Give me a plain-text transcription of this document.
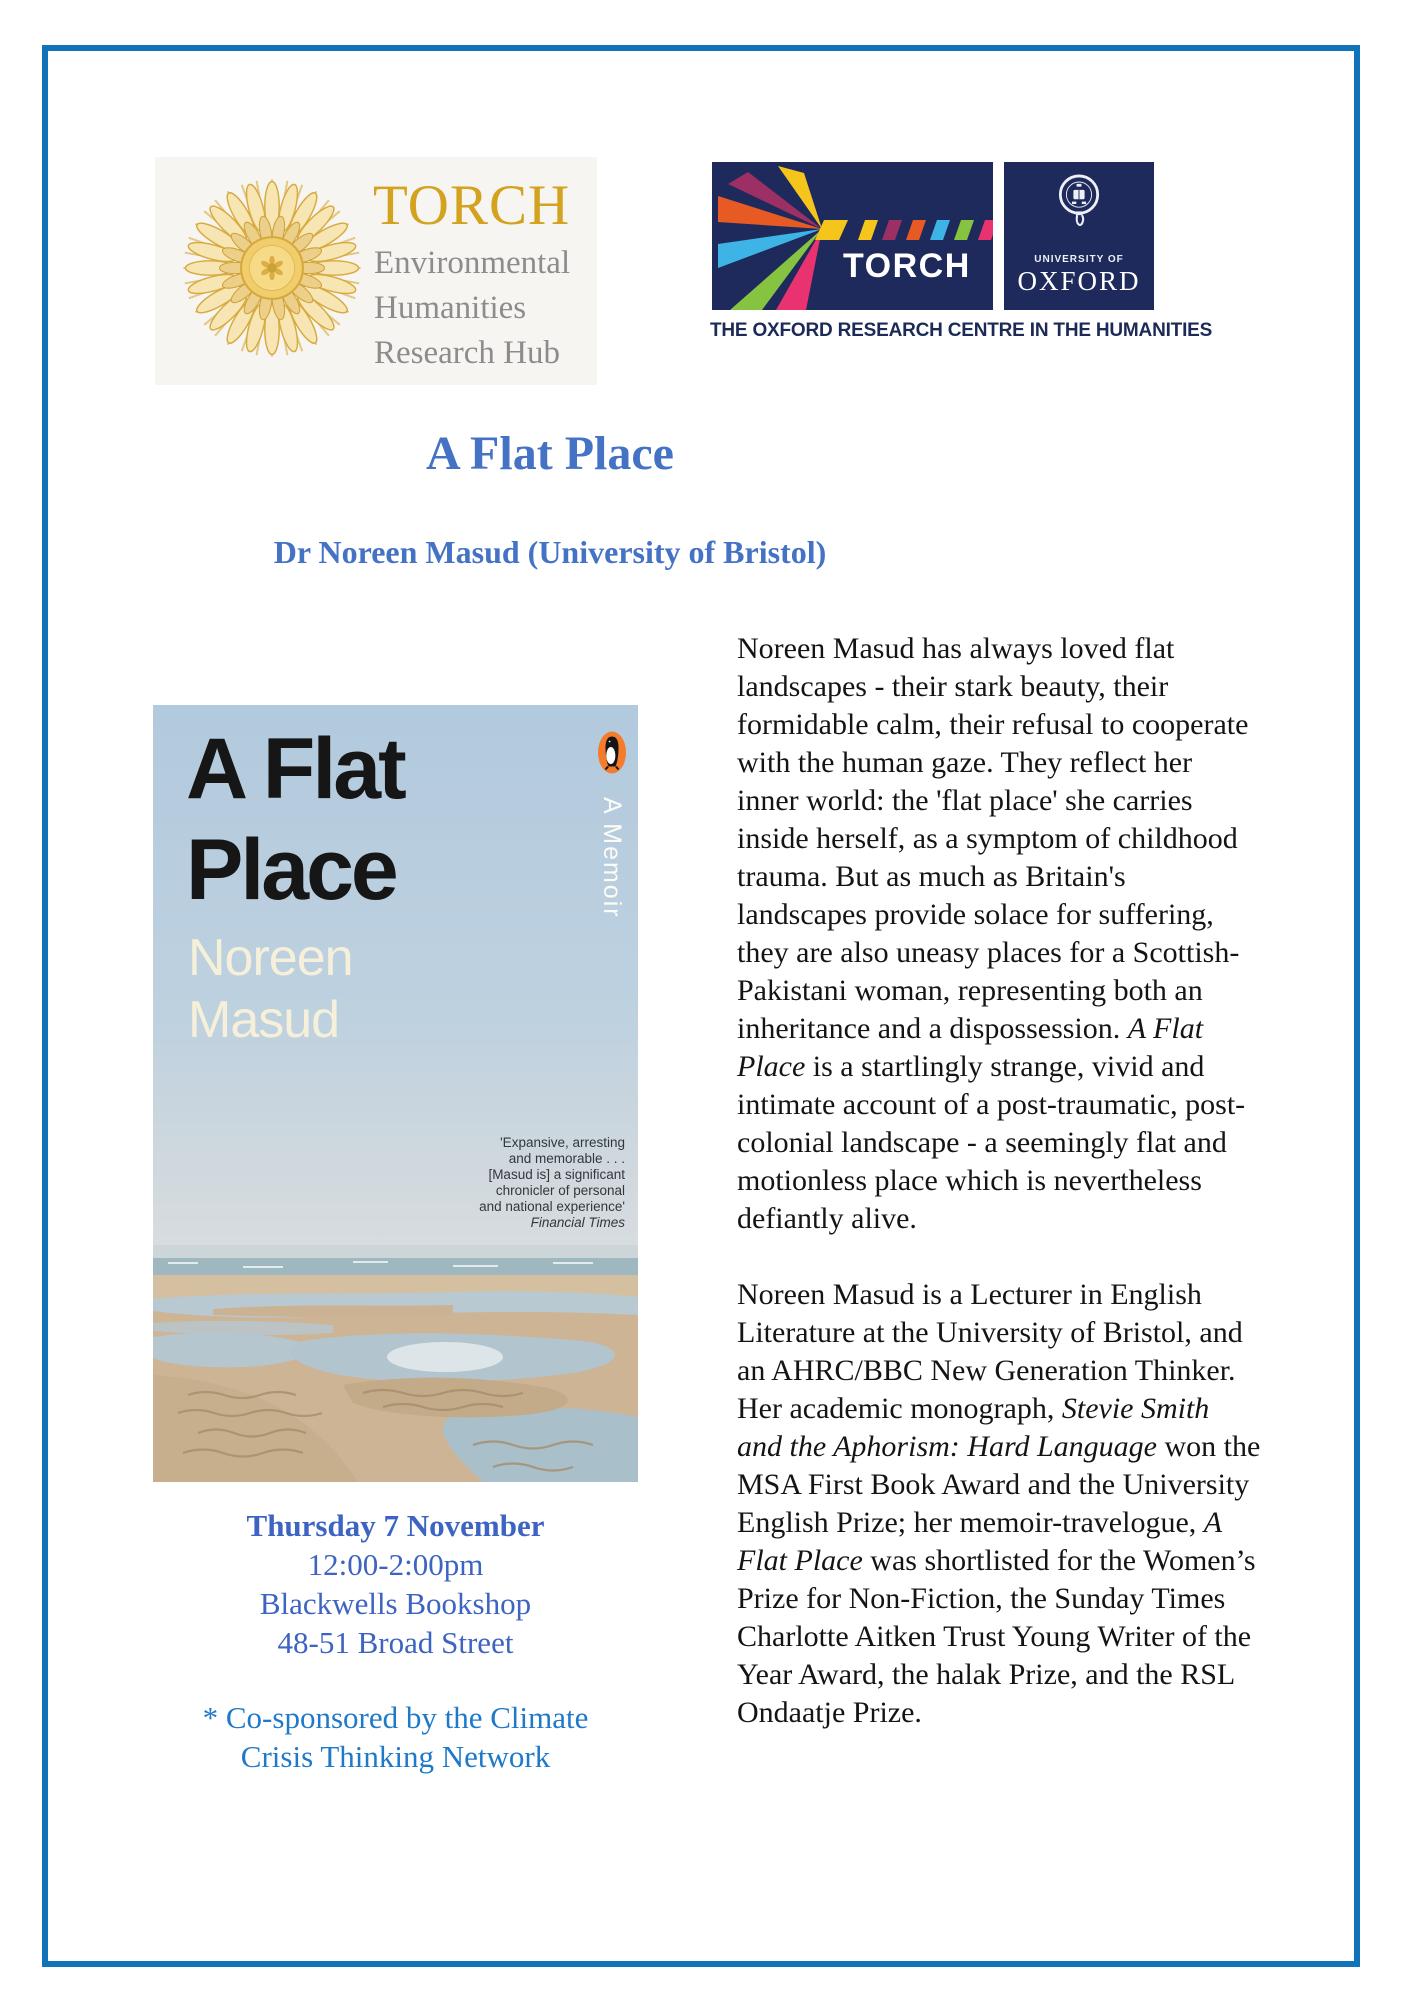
TORCH
Environmental
Humanities
Research Hub
TORCH	UNIVERSITY OF
OXFORD
THE OXFORD RESEARCH CENTRE IN THE HUMANITIES
A Flat Place
Dr Noreen Masud (University of Bristol)
A Flat
Place	A Memoir
Noreen
Masud
'Expansive, arresting
and memorable . . .
[Masud is] a significant
chronicler of personal
and national experience'
Financial Times
Thursday 7 November
12:00-2:00pm
Blackwells Bookshop
48-51 Broad Street
* Co-sponsored by the Climate
Crisis Thinking Network

Noreen Masud has always loved flat landscapes - their stark beauty, their formidable calm, their refusal to cooperate with the human gaze. They reflect her inner world: the 'flat place' she carries inside herself, as a symptom of childhood trauma. But as much as Britain's landscapes provide solace for suffering, they are also uneasy places for a Scottish-Pakistani woman, representing both an inheritance and a dispossession. A Flat Place is a startlingly strange, vivid and intimate account of a post-traumatic, post-colonial landscape - a seemingly flat and motionless place which is nevertheless defiantly alive.

Noreen Masud is a Lecturer in English Literature at the University of Bristol, and an AHRC/BBC New Generation Thinker. Her academic monograph, Stevie Smith and the Aphorism: Hard Language won the MSA First Book Award and the University English Prize; her memoir-travelogue, A Flat Place was shortlisted for the Women’s Prize for Non-Fiction, the Sunday Times Charlotte Aitken Trust Young Writer of the Year Award, the halak Prize, and the RSL Ondaatje Prize.
